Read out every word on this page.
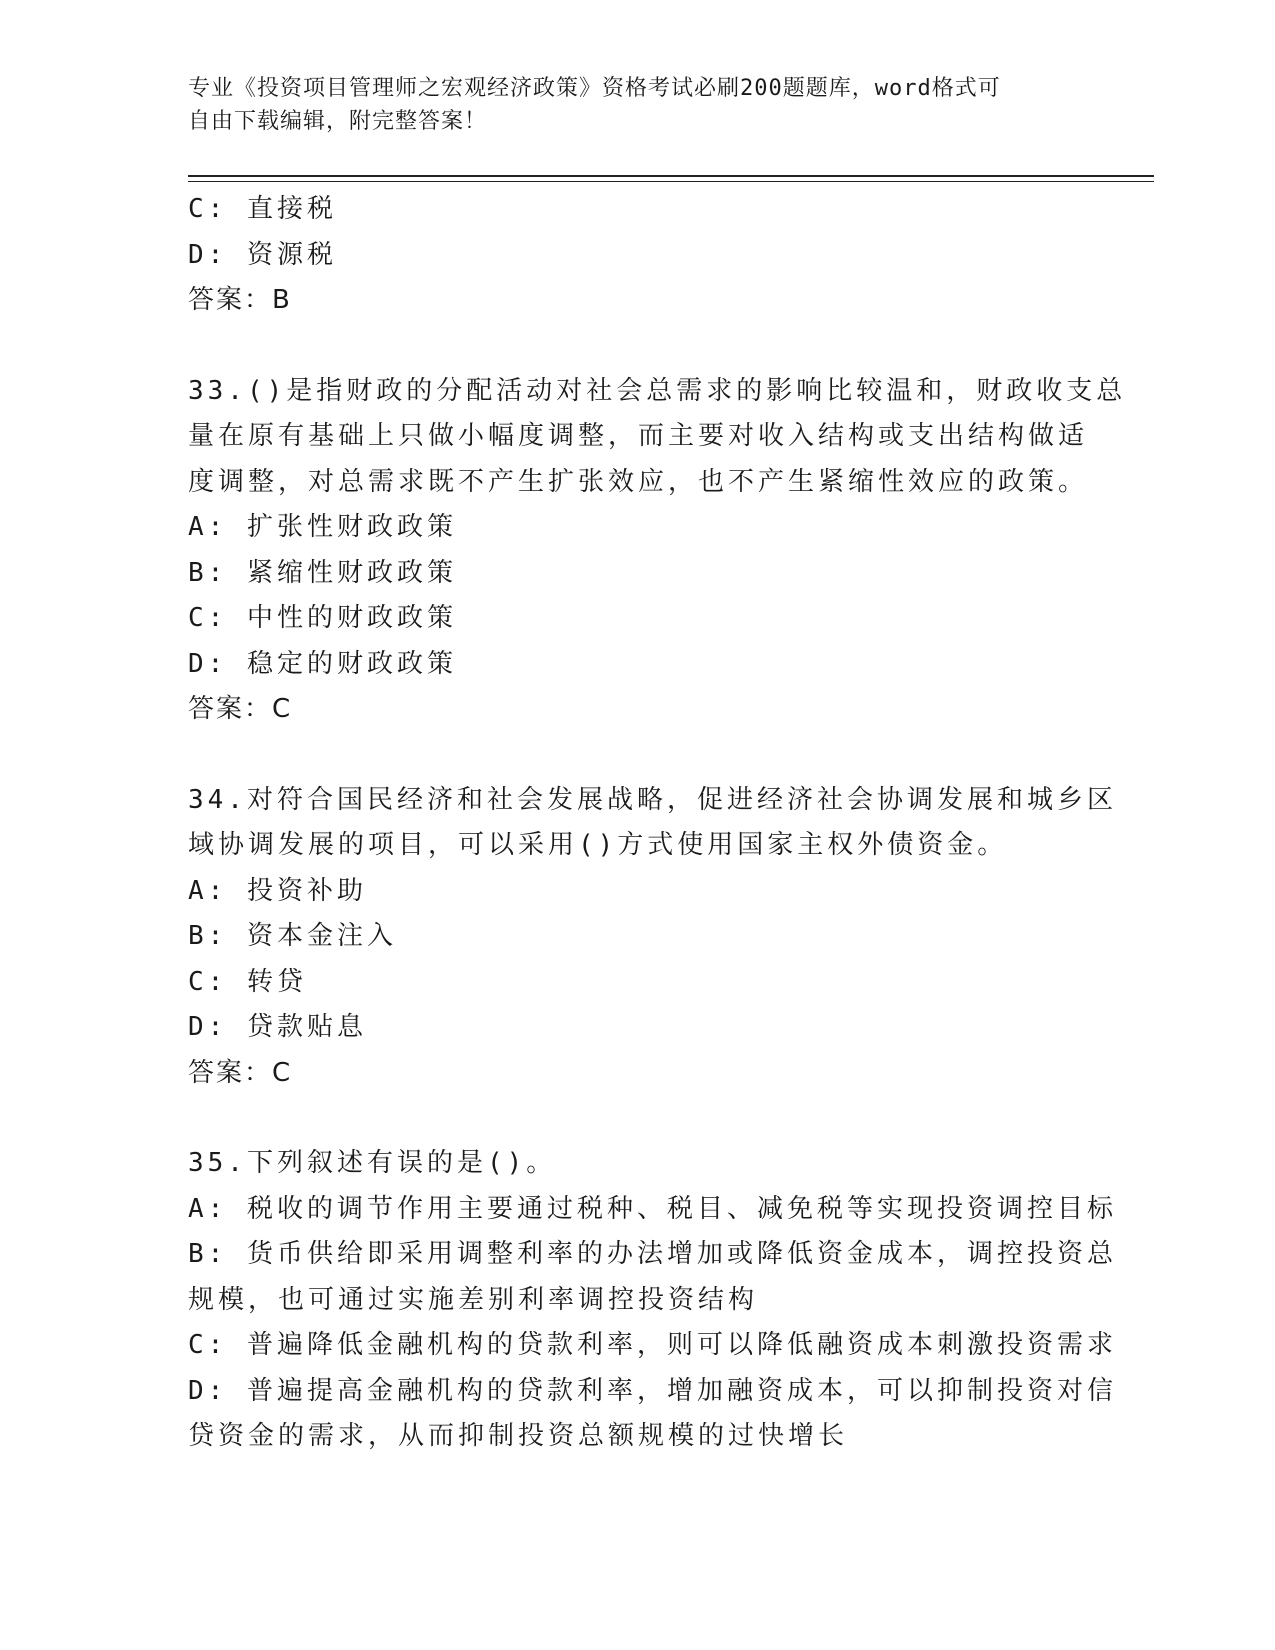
专业《投资项目管理师之宏观经济政策》资格考试必刷200题题库，word格式可
自由下载编辑，附完整答案！
C: 直接税
D: 资源税
答案：B
33.()是指财政的分配活动对社会总需求的影响比较温和，财政收支总
量在原有基础上只做小幅度调整，而主要对收入结构或支出结构做适
度调整，对总需求既不产生扩张效应，也不产生紧缩性效应的政策。
A: 扩张性财政政策
B: 紧缩性财政政策
C: 中性的财政政策
D: 稳定的财政政策
答案：C
34.对符合国民经济和社会发展战略，促进经济社会协调发展和城乡区
域协调发展的项目，可以采用()方式使用国家主权外债资金。
A: 投资补助
B: 资本金注入
C: 转贷
D: 贷款贴息
答案：C
35.下列叙述有误的是()。
A: 税收的调节作用主要通过税种、税目、减免税等实现投资调控目标
B: 货币供给即采用调整利率的办法增加或降低资金成本，调控投资总
规模，也可通过实施差别利率调控投资结构
C: 普遍降低金融机构的贷款利率，则可以降低融资成本刺激投资需求
D: 普遍提高金融机构的贷款利率，增加融资成本，可以抑制投资对信
贷资金的需求，从而抑制投资总额规模的过快增长
